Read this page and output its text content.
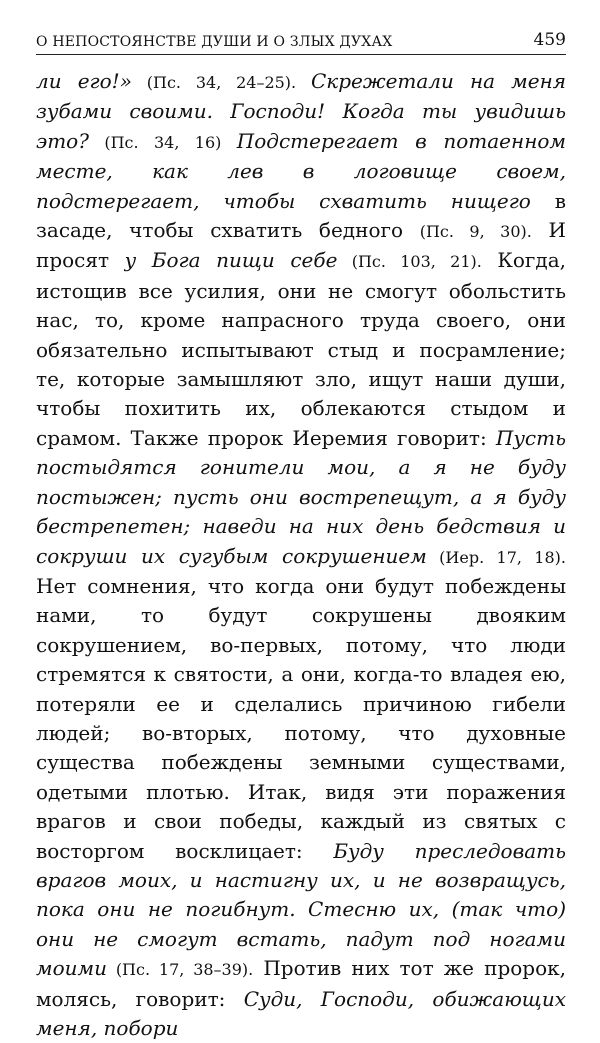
О НЕПОСТОЯНСТВЕ ДУШИ И О ЗЛЫХ ДУХАХ	459

ли его!» (Пс. 34, 24–25). Скрежетали на меня зубами своими. Господи! Когда ты увидишь это? (Пс. 34, 16) Подстерегает в потаенном месте, как лев в логовище своем, подстерегает, чтобы схватить нищего в засаде, чтобы схватить бедного (Пс. 9, 30). И просят у Бога пищи себе (Пс. 103, 21). Когда, истощив все усилия, они не смогут обольстить нас, то, кроме напрасного труда своего, они обязательно испытывают стыд и посрамление; те, которые замышляют зло, ищут наши души, чтобы похитить их, облекаются стыдом и срамом. Также пророк Иеремия говорит: Пусть постыдятся гонители мои, а я не буду постыжен; пусть они вострепещут, а я буду бестрепетен; наведи на них день бедствия и сокруши их сугубым сокрушением (Иер. 17, 18). Нет сомнения, что когда они будут побеждены нами, то будут сокрушены двояким сокрушением, во-первых, потому, что люди стремятся к святости, а они, когда-то владея ею, потеряли ее и сделались причиною гибели людей; во-вторых, потому, что духовные существа побеждены земными существами, одетыми плотью. Итак, видя эти поражения врагов и свои победы, каждый из святых с восторгом восклицает: Буду преследовать врагов моих, и настигну их, и не возвращусь, пока они не погибнут. Стесню их, (так что) они не смогут встать, падут под ногами моими (Пс. 17, 38–39). Против них тот же пророк, молясь, говорит: Суди, Господи, обижающих меня, побори
